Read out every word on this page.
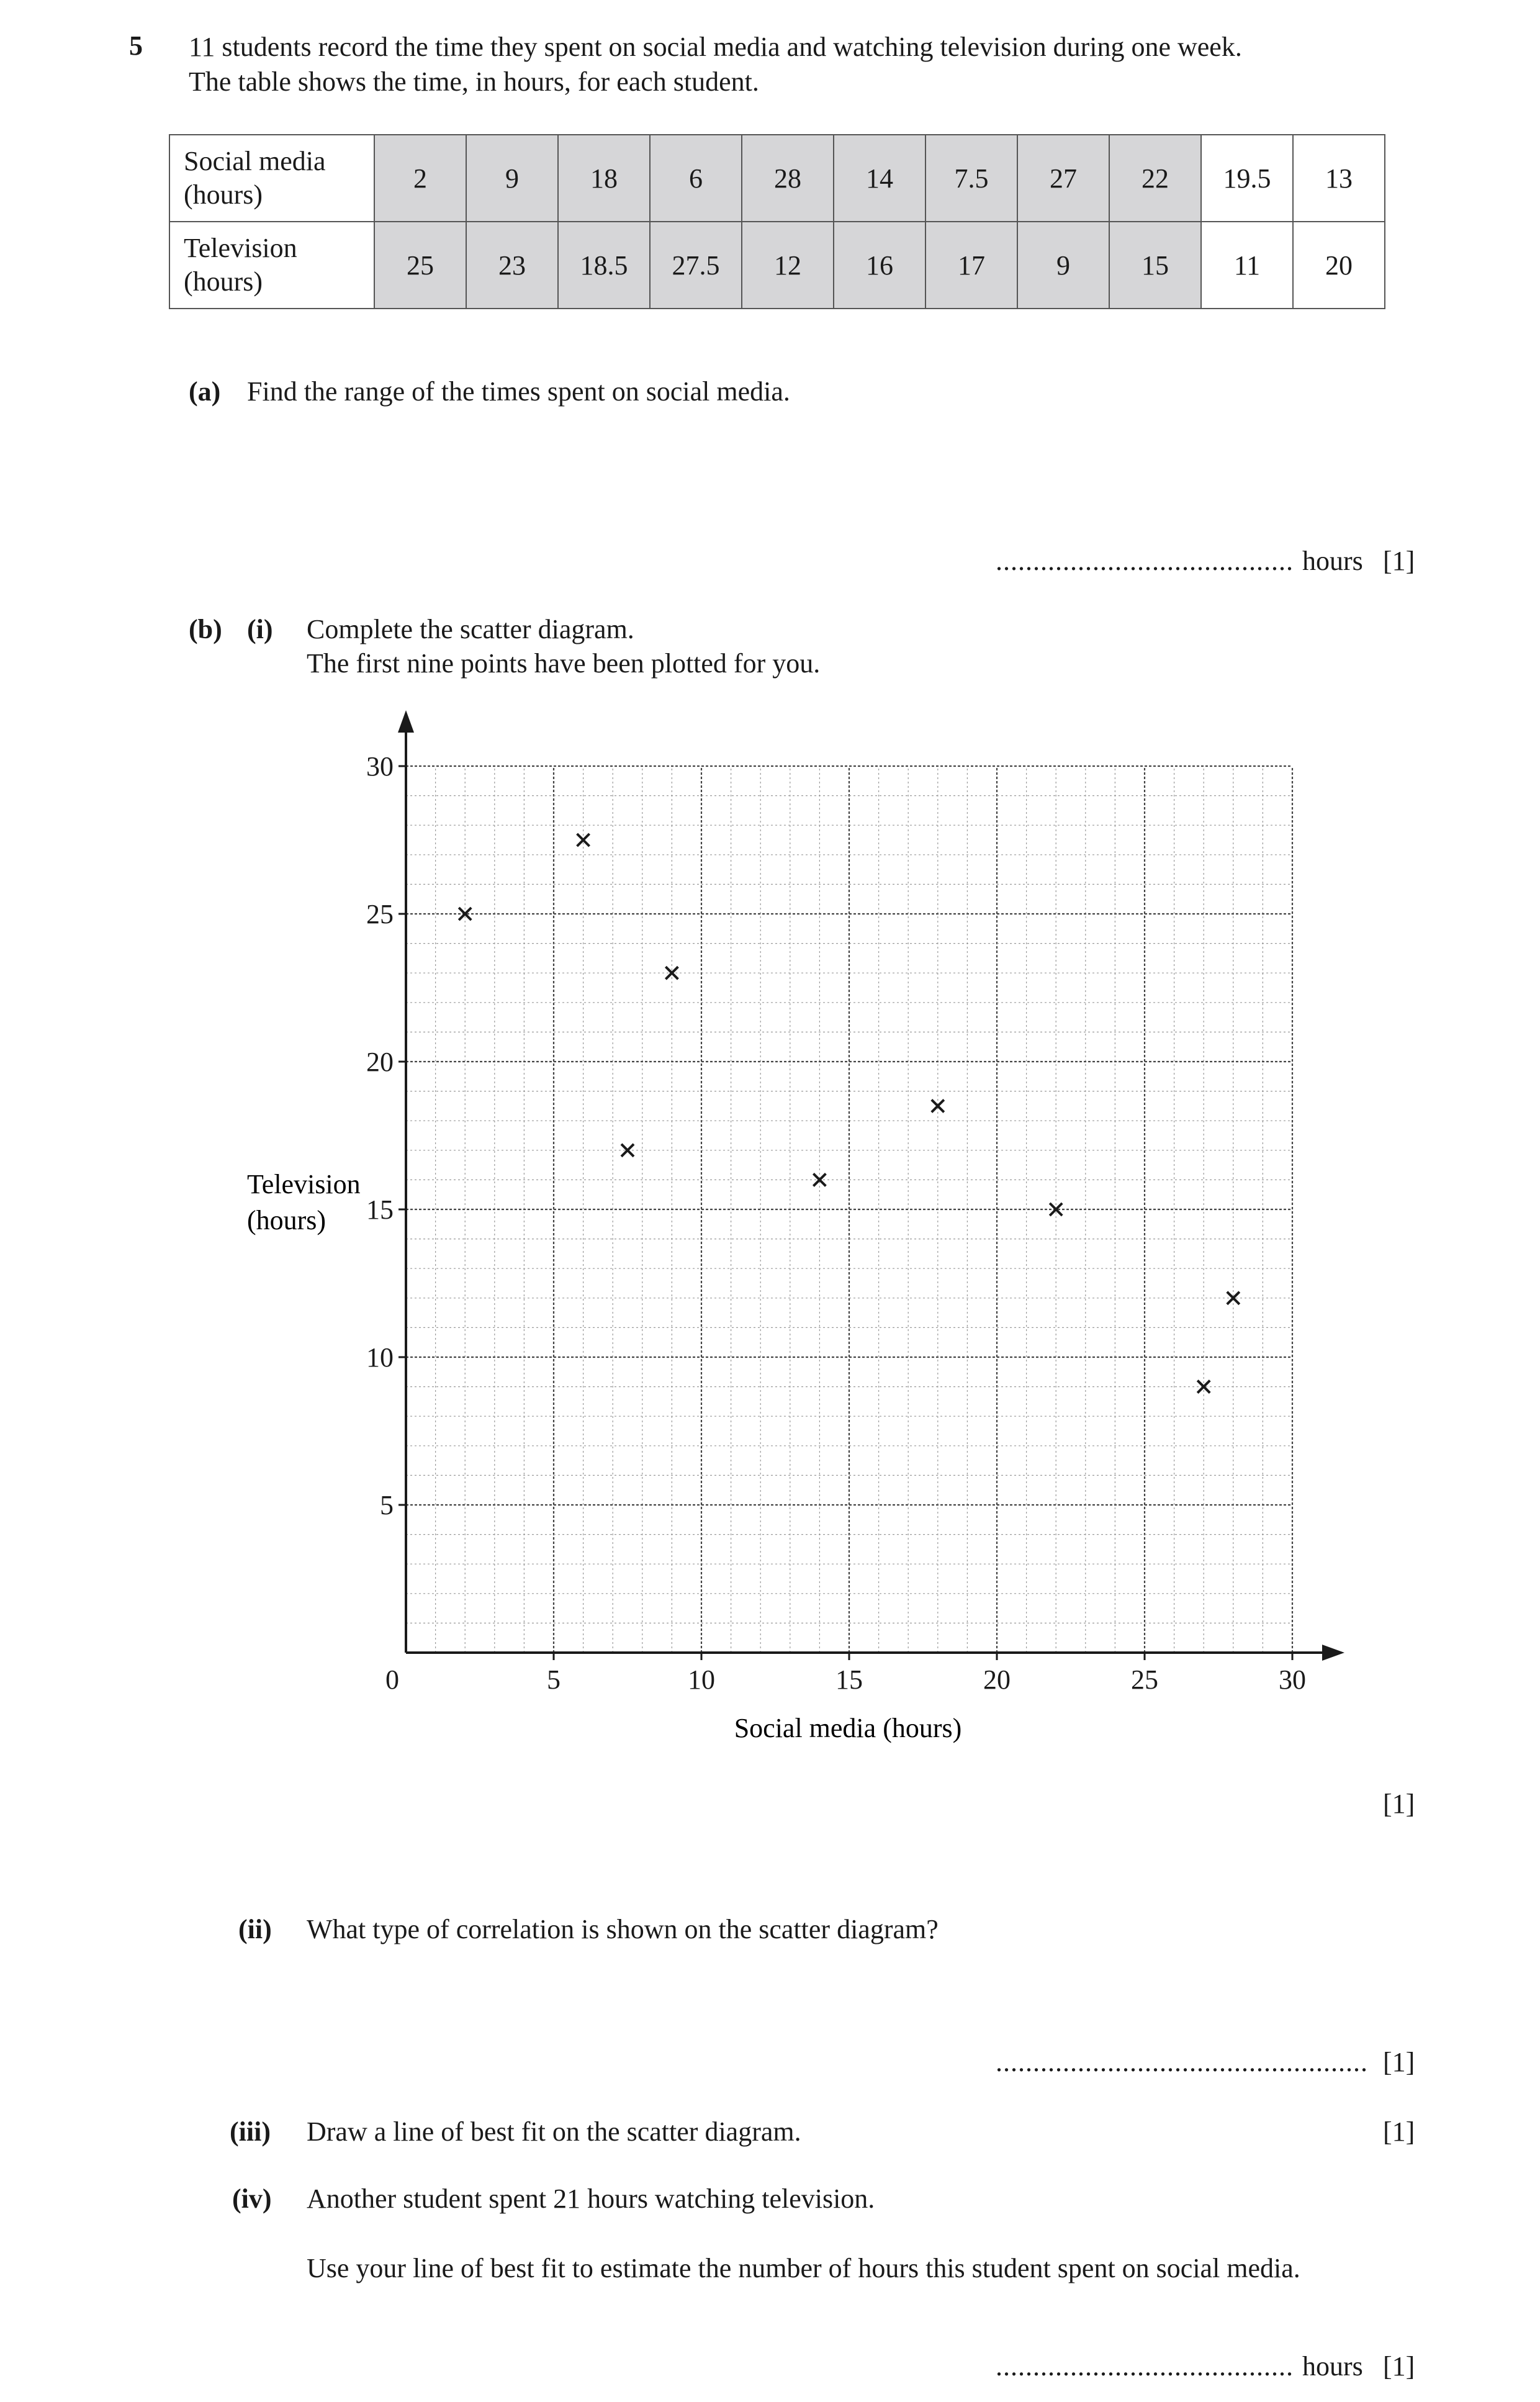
5 11 students record the time they spent on social media and watching television during one week.
The table shows the time, in hours, for each student.
Social media
(hours)	2	9	18	6	28	14	7.5	27	22	19.5	13

Television
(hours)	25	23	18.5	27.5	12	16	17	9	15	11	20
(a) Find the range of the times spent on social media.
........................................ hours [1]
(b) (i) Complete the scatter diagram.
The first nine points have been plotted for you.
0	5	10	15	20	25	30
5
10
15
20
25
30
Television
(hours)
Social media (hours)
[1]
(ii) What type of correlation is shown on the scatter diagram?
.................................................. [1]
(iii) Draw a line of best fit on the scatter diagram.	[1]
(iv) Another student spent 21 hours watching television.
Use your line of best fit to estimate the number of hours this student spent on social media.
........................................ hours [1]
